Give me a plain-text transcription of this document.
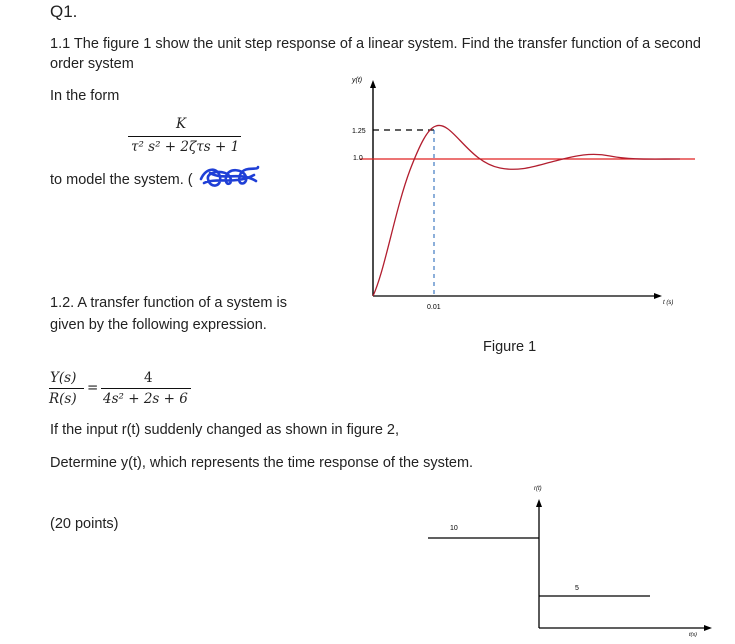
Q1.
1.1 The figure 1 show the unit step response of a linear system. Find the transfer function of a second
order system
In the form
K
τ² s² + 2ζτs + 1
to model the system. (
1.2. A transfer function of a system is
given by the following expression.
Y(s)
R(s)
=
4
4s² + 2s + 6
If the input r(t) suddenly changed as shown in figure 2,
Determine y(t), which represents the time response of the system.
(20 points)
y(t)
1.25
1.0
0.01
t (s)
Figure 1
r(t)
10
5
t(s)
